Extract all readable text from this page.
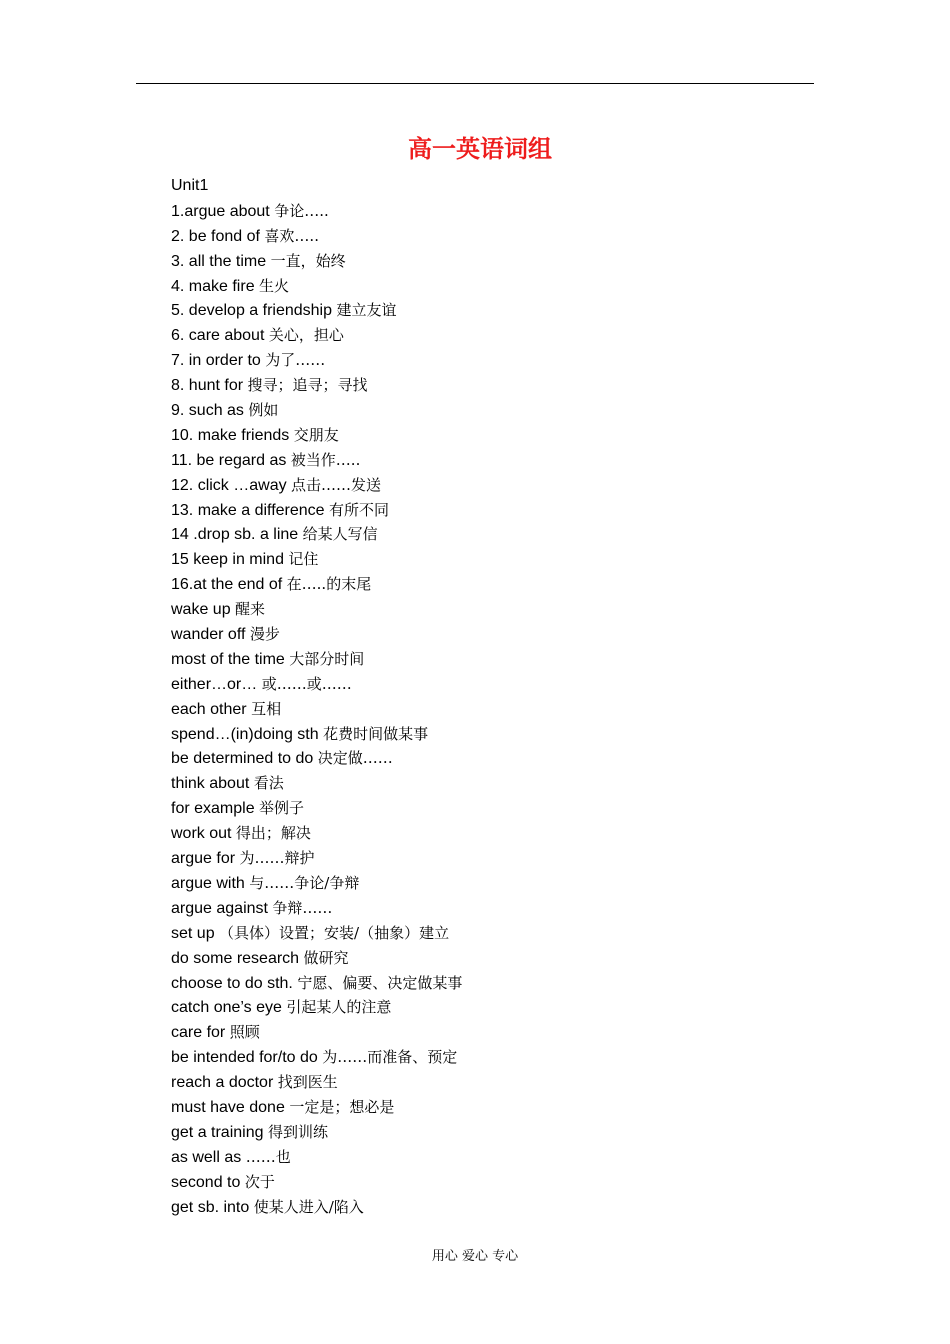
高一英语词组
Unit1
1.argue about 争论…..
2. be fond of 喜欢…..
3. all the time 一直，始终
4. make fire 生火
5. develop a friendship 建立友谊
6. care about 关心，担心
7. in order to 为了……
8. hunt for 搜寻；追寻；寻找
9. such as 例如
10. make friends 交朋友
11. be regard as 被当作…..
12. click …away 点击……发送
13. make a difference 有所不同
14 .drop sb. a line 给某人写信
15 keep in mind 记住
16.at the end of 在…..的末尾
wake up 醒来
wander off 漫步
most of the time 大部分时间
either…or… 或……或……
each other 互相
spend…(in)doing sth 花费时间做某事
be determined to do 决定做……
think about 看法
for example 举例子
work out 得出；解决
argue for 为……辩护
argue with 与……争论/争辩
argue against 争辩……
set up （具体）设置；安装/（抽象）建立
do some research 做研究
choose to do sth. 宁愿、偏要、决定做某事
catch one’s eye 引起某人的注意
care for 照顾
be intended for/to do 为……而准备、预定
reach a doctor 找到医生
must have done 一定是；想必是
get a training 得到训练
as well as ……也
second to 次于
get sb. into 使某人进入/陷入
用心 爱心 专心
